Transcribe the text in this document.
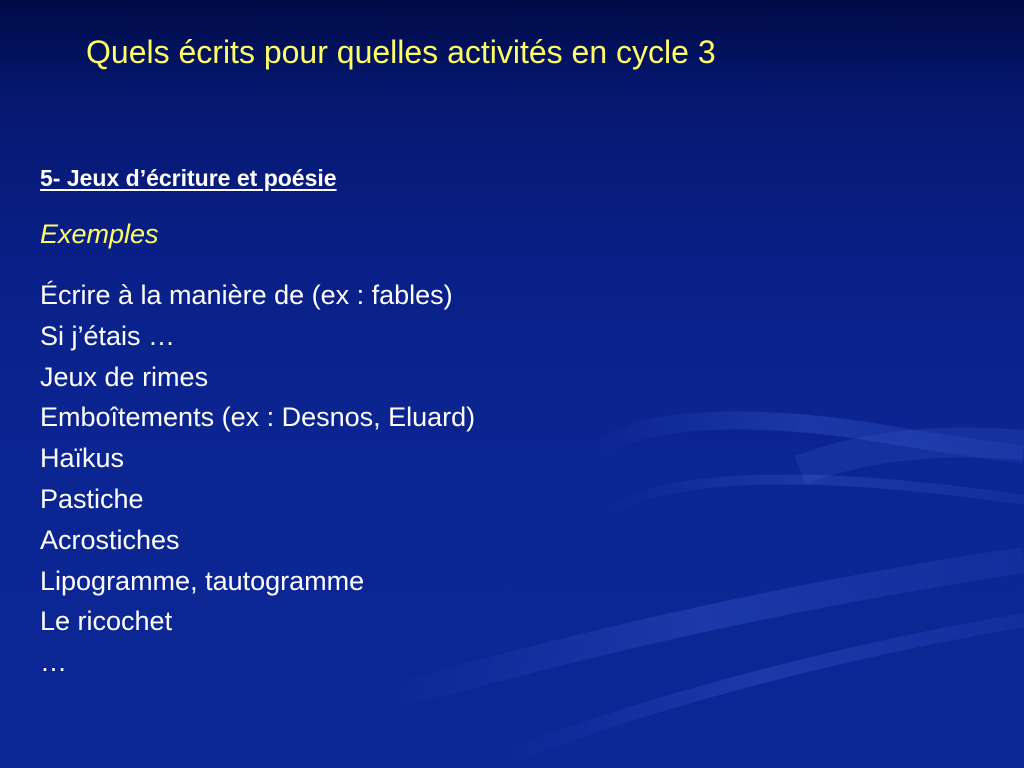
Quels écrits pour quelles activités en cycle 3
5- Jeux d’écriture et poésie

Exemples

Écrire à la manière de (ex : fables)
Si j’étais …
Jeux de rimes
Emboîtements (ex : Desnos, Eluard)
Haïkus
Pastiche
Acrostiches
Lipogramme, tautogramme
Le ricochet
…
